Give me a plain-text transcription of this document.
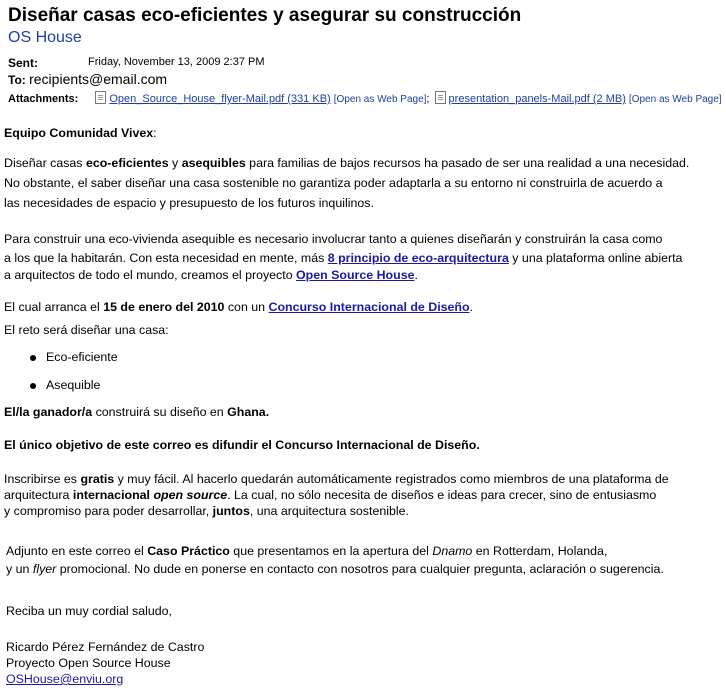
Diseñar casas eco-eficientes y asegurar su construcción
OS House
Sent:	Friday, November 13, 2009 2:37 PM
To: recipients@email.com
Attachments:	Open_Source_House_flyer-Mail.pdf (331 KB) [Open as Web Page]; presentation_panels-Mail.pdf (2 MB) [Open as Web Page]
Equipo Comunidad Vivex:
Diseñar casas eco-eficientes y asequibles para familias de bajos recursos ha pasado de ser una realidad a una necesidad.
No obstante, el saber diseñar una casa sostenible no garantiza poder adaptarla a su entorno ni construirla de acuerdo a
las necesidades de espacio y presupuesto de los futuros inquilinos.
Para construir una eco-vivienda asequible es necesario involucrar tanto a quienes diseñarán y construirán la casa como
a los que la habitarán. Con esta necesidad en mente, más 8 principio de eco-arquitectura y una plataforma online abierta
a arquitectos de todo el mundo, creamos el proyecto Open Source House.
El cual arranca el 15 de enero del 2010 con un Concurso Internacional de Diseño.
El reto será diseñar una casa:
Eco-eficiente
Asequible
El/la ganador/a construirá su diseño en Ghana.
El único objetivo de este correo es difundir el Concurso Internacional de Diseño.
Inscribirse es gratis y muy fácil. Al hacerlo quedarán automáticamente registrados como miembros de una plataforma de
arquitectura internacional open source. La cual, no sólo necesita de diseños e ideas para crecer, sino de entusiasmo
y compromiso para poder desarrollar, juntos, una arquitectura sostenible.
Adjunto en este correo el Caso Práctico que presentamos en la apertura del Dnamo en Rotterdam, Holanda,
y un flyer promocional. No dude en ponerse en contacto con nosotros para cualquier pregunta, aclaración o sugerencia.
Reciba un muy cordial saludo,
Ricardo Pérez Fernández de Castro
Proyecto Open Source House
OSHouse@enviu.org
